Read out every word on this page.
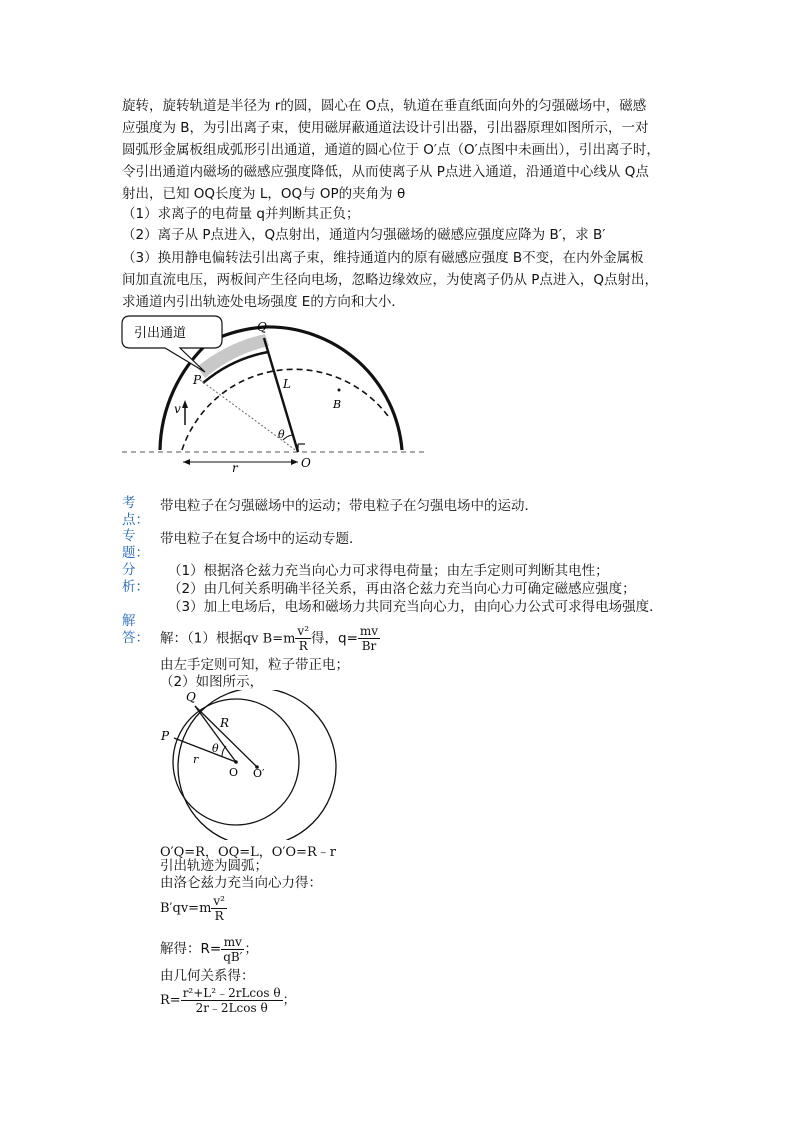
旋转，旋转轨道是半径为 r的圆，圆心在 O点，轨道在垂直纸面向外的匀强磁场中，磁感
应强度为 B，为引出离子束，使用磁屏蔽通道法设计引出器，引出器原理如图所示，一对
圆弧形金属板组成弧形引出通道，通道的圆心位于 O′点（O′点图中未画出），引出离子时，
令引出通道内磁场的磁感应强度降低，从而使离子从 P点进入通道，沿通道中心线从 Q点
射出，已知 OQ长度为 L，OQ与 OP的夹角为 θ
（1）求离子的电荷量 q并判断其正负；
（2）离子从 P点进入，Q点射出，通道内匀强磁场的磁感应强度应降为 B′，求 B′
（3）换用静电偏转法引出离子束，维持通道内的原有磁感应强度 B不变，在内外金属板
间加直流电压，两板间产生径向电场，忽略边缘效应，为使离子仍从 P点进入，Q点射出，
求通道内引出轨迹处电场强度 E的方向和大小．
引出通道	Q
P	L
B
v
θ
r	O
考点：
带电粒子在匀强磁场中的运动；带电粒子在匀强电场中的运动．
专题：
带电粒子在复合场中的运动专题．
分析：
（1）根据洛仑兹力充当向心力可求得电荷量；由左手定则可判断其电性；
（2）由几何关系明确半径关系，再由洛仑兹力充当向心力可确定磁感应强度；
（3）加上电场后，电场和磁场力共同充当向心力，由向心力公式可求得电场强度．
解答： 解：（1）根据qv $B=m \frac{\text{v²}}{R}$ 得，$q= \frac{mv}{Br}$
由左手定则可知，粒子带正电；
（2）如图所示，
Q
P
R
r
θ
O O′
O′Q=R，OQ=L，O′O=R﹣r
引出轨迹为圆弧；
由洛仑兹力充当向心力得：
$B'qv=m \frac{\text{v²}}{R}$
解得：$R= \frac{mv}{qB'}$ ；
由几何关系得：
$R= \frac{\text{r²+L²﹣2rLcos θ}}{\text{2r﹣2Lcos θ}}$ ；
